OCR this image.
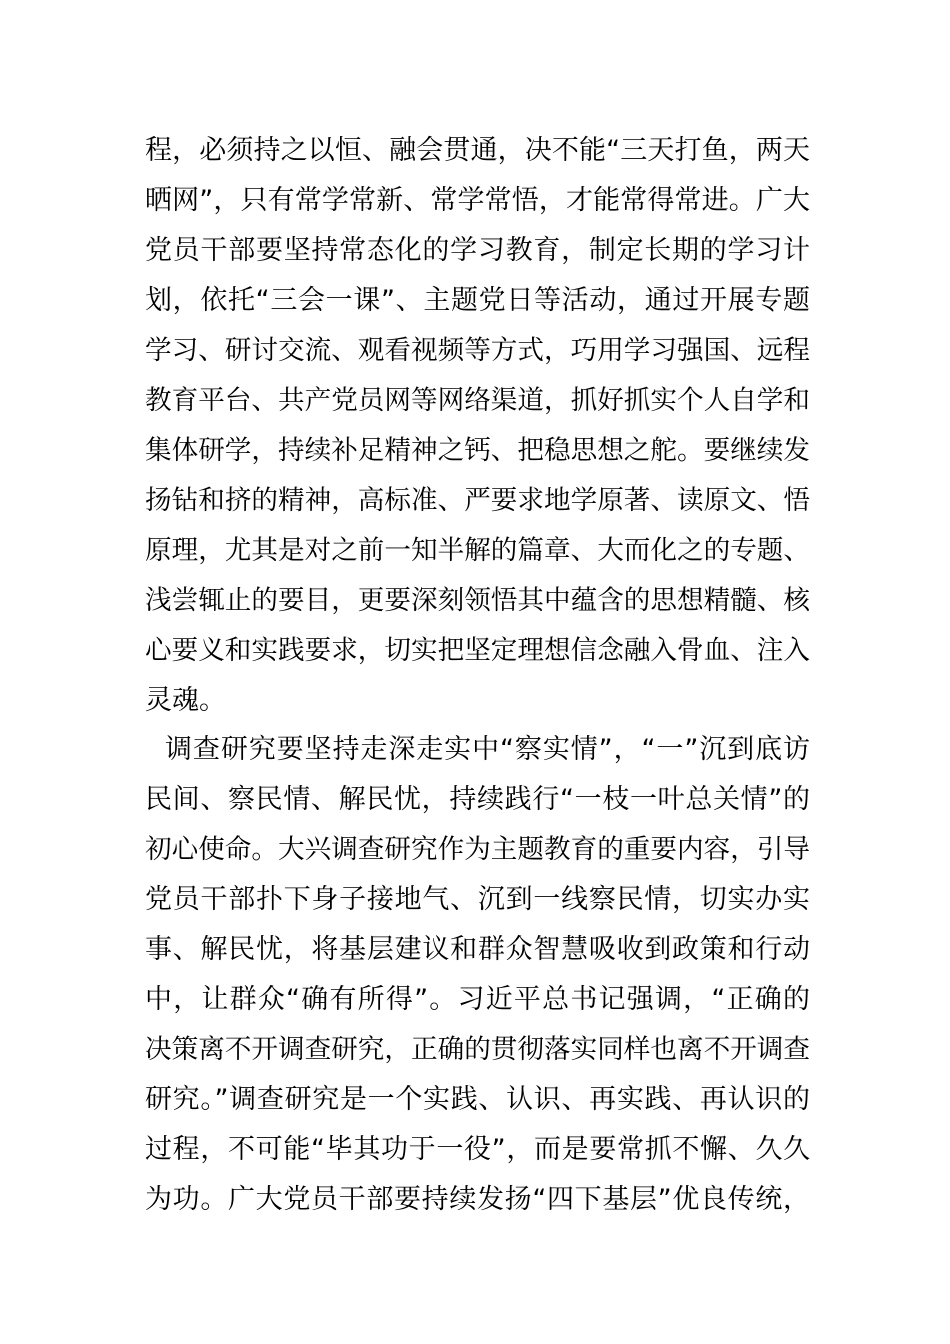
程，必须持之以恒、融会贯通，决不能“三天打鱼，两天
晒网”，只有常学常新、常学常悟，才能常得常进。广大
党员干部要坚持常态化的学习教育，制定长期的学习计
划，依托“三会一课”、主题党日等活动，通过开展专题
学习、研讨交流、观看视频等方式，巧用学习强国、远程
教育平台、共产党员网等网络渠道，抓好抓实个人自学和
集体研学，持续补足精神之钙、把稳思想之舵。要继续发
扬钻和挤的精神，高标准、严要求地学原著、读原文、悟
原理，尤其是对之前一知半解的篇章、大而化之的专题、
浅尝辄止的要目，更要深刻领悟其中蕴含的思想精髓、核
心要义和实践要求，切实把坚定理想信念融入骨血、注入
灵魂。
调查研究要坚持走深走实中“察实情”，“一”沉到底访
民间、察民情、解民忧，持续践行“一枝一叶总关情”的
初心使命。大兴调查研究作为主题教育的重要内容，引导
党员干部扑下身子接地气、沉到一线察民情，切实办实
事、解民忧，将基层建议和群众智慧吸收到政策和行动
中，让群众“确有所得”。习近平总书记强调，“正确的
决策离不开调查研究，正确的贯彻落实同样也离不开调查
研究。”调查研究是一个实践、认识、再实践、再认识的
过程，不可能“毕其功于一役”，而是要常抓不懈、久久
为功。广大党员干部要持续发扬“四下基层”优良传统，
